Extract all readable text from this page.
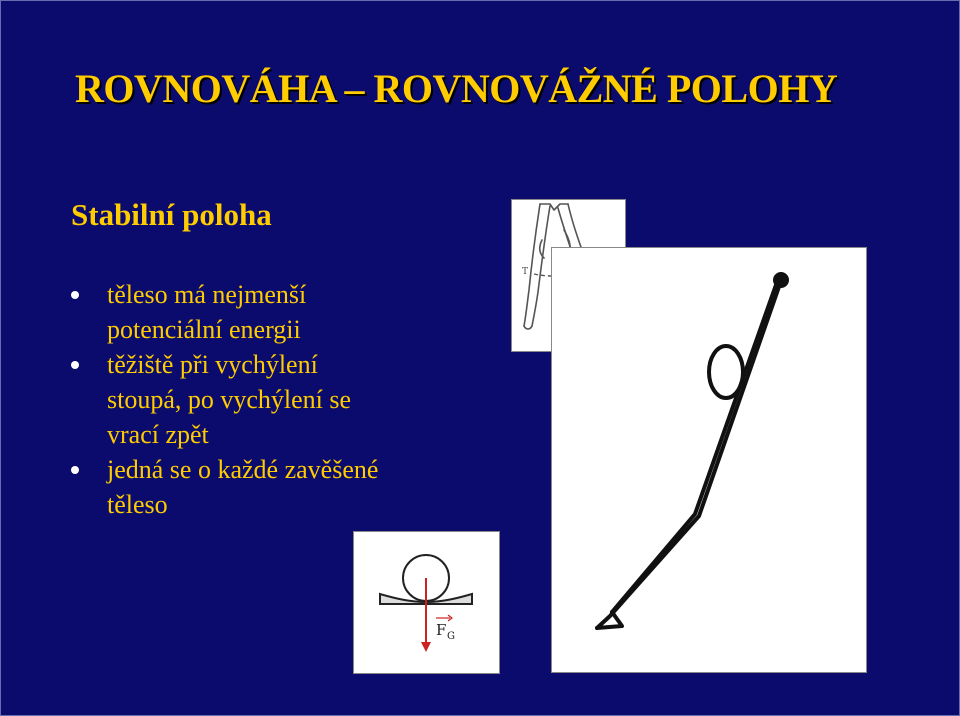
ROVNOVÁHA – ROVNOVÁŽNÉ POLOHY
Stabilní poloha
těleso má nejmenší
potenciální energii
těžiště při vychýlení
stoupá, po vychýlení se
vrací zpět
jedná se o každé zavěšené
těleso
T
F G
